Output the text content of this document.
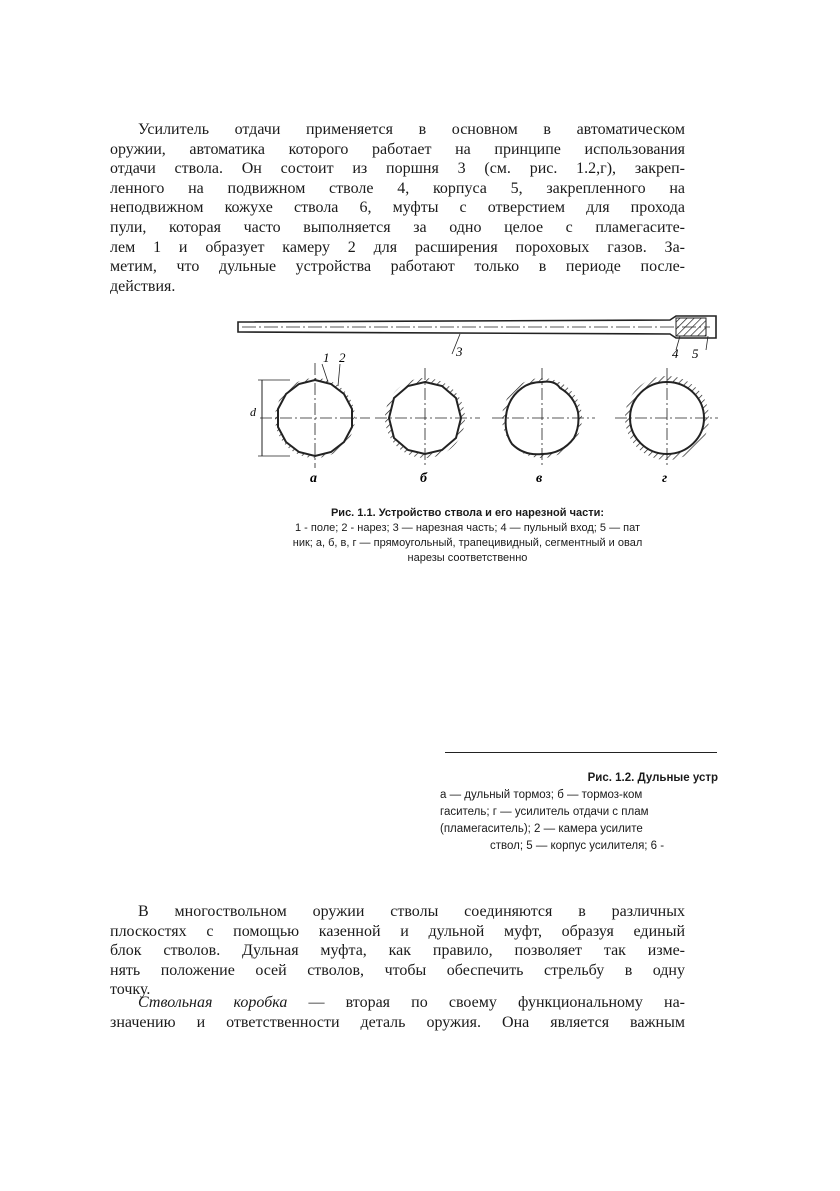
Усилитель отдачи применяется в основном в автоматическом
оружии, автоматика которого работает на принципе использования
отдачи ствола. Он состоит из поршня 3 (см. рис. 1.2,г), закреп-
ленного на подвижном стволе 4, корпуса 5, закрепленного на
неподвижном кожухе ствола 6, муфты с отверстием для прохода
пули, которая часто выполняется за одно целое с пламегасите-
лем 1 и образует камеру 2 для расширения пороховых газов. За-
метим, что дульные устройства работают только в периоде после-
действия.
3	4 5
1 2
d
а	б	в	г
Рис. 1.1. Устройство ствола и его нарезной части:
1 - поле; 2 - нарез; 3 — нарезная часть; 4 — пульный вход; 5 — пат
ник; а, б, в, г — прямоугольный, трапецивидный, сегментный и овал
нарезы соответственно
Рис. 1.2. Дульные устр
а — дульный тормоз; б — тормоз-ком
гаситель; г — усилитель отдачи с плам
(пламегаситель); 2 — камера усилите
ствол; 5 — корпус усилителя; 6 -
В многоствольном оружии стволы соединяются в различных
плоскостях с помощью казенной и дульной муфт, образуя единый
блок стволов. Дульная муфта, как правило, позволяет так изме-
нять положение осей стволов, чтобы обеспечить стрельбу в одну
точку.
Ствольная коробка — вторая по своему функциональному на-
значению и ответственности деталь оружия. Она является важным
